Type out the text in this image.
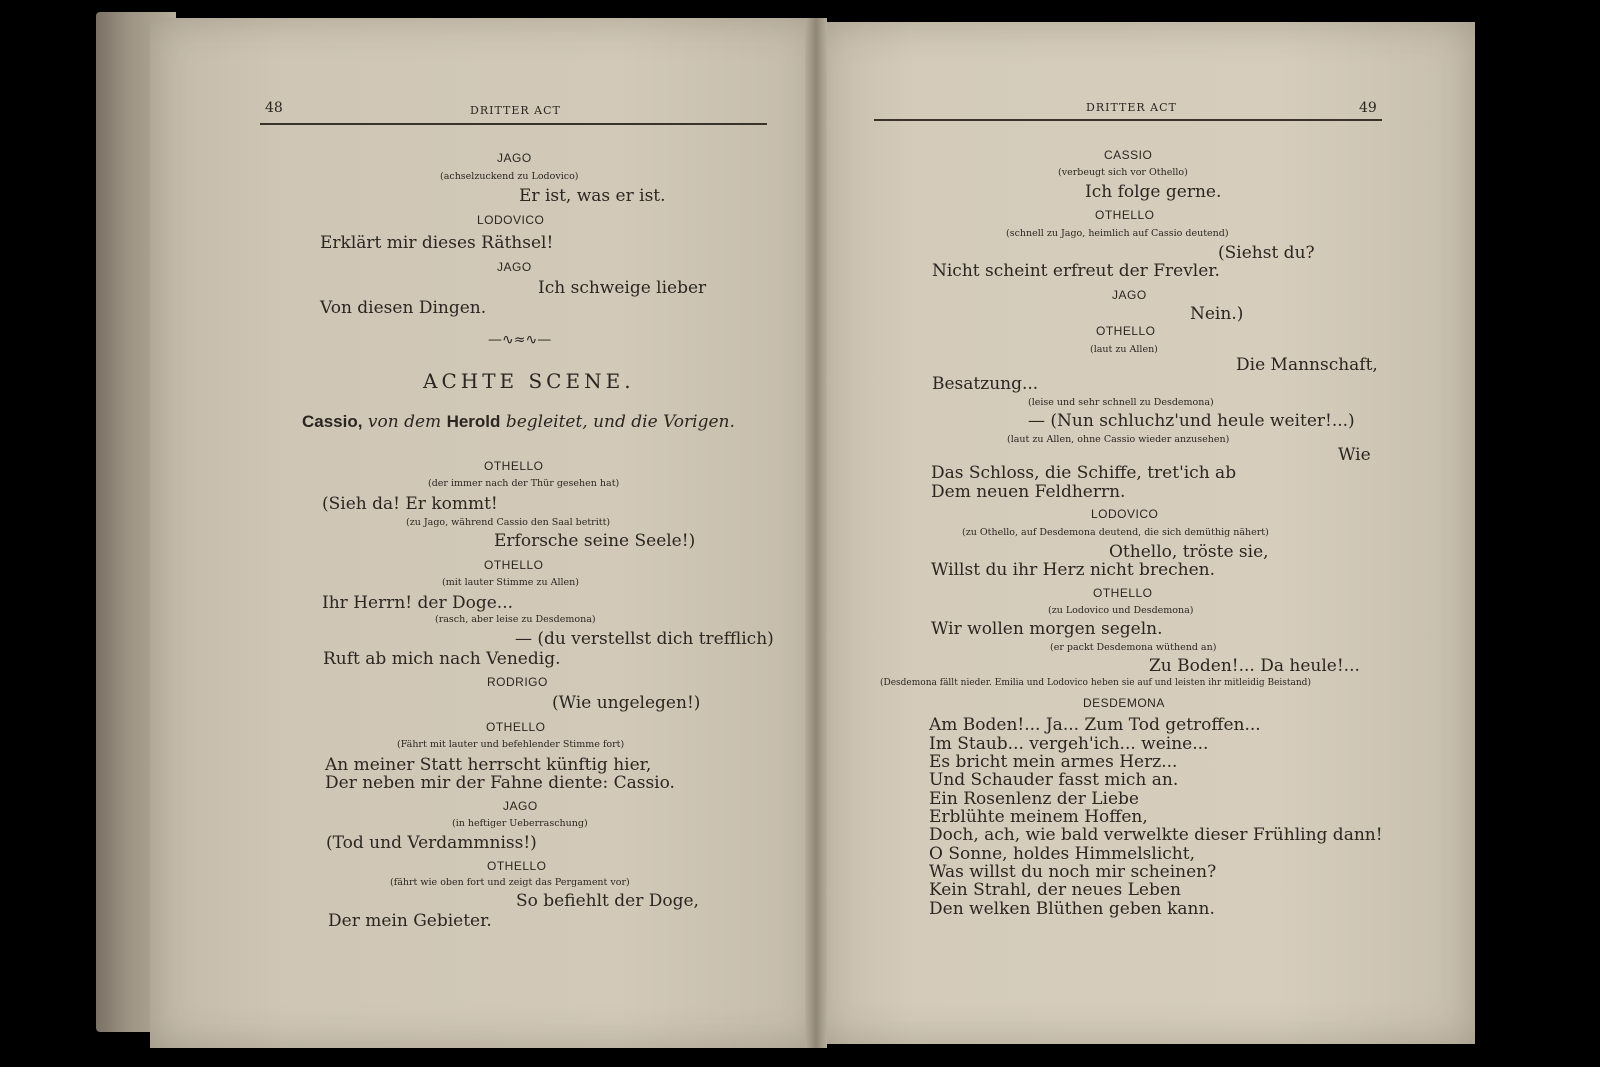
48	DRITTER ACT	DRITTER ACT	49
JAGO
(achselzuckend zu Lodovico)
Er ist, was er ist.
LODOVICO
Erklärt mir dieses Räthsel!
JAGO
Ich schweige lieber
Von diesen Dingen.
—∿≈∿—
ACHTE SCENE.
Cassio, von dem Herold begleitet, und die Vorigen.
OTHELLO
(der immer nach der Thür gesehen hat)
(Sieh da! Er kommt!
(zu Jago, während Cassio den Saal betritt)
Erforsche seine Seele!)
OTHELLO
(mit lauter Stimme zu Allen)
Ihr Herrn! der Doge...
(rasch, aber leise zu Desdemona)
— (du verstellst dich trefflich)
Ruft ab mich nach Venedig.
RODRIGO
(Wie ungelegen!)
OTHELLO
(Fährt mit lauter und befehlender Stimme fort)
An meiner Statt herrscht künftig hier,
Der neben mir der Fahne diente: Cassio.
JAGO
(in heftiger Ueberraschung)
(Tod und Verdammniss!)
OTHELLO
(fährt wie oben fort und zeigt das Pergament vor)
So befiehlt der Doge,
Der mein Gebieter.
CASSIO
(verbeugt sich vor Othello)
Ich folge gerne.
OTHELLO
(schnell zu Jago, heimlich auf Cassio deutend)
(Siehst du?
Nicht scheint erfreut der Frevler.
JAGO
Nein.)
OTHELLO
(laut zu Allen)
Die Mannschaft,
Besatzung...
(leise und sehr schnell zu Desdemona)
— (Nun schluchz'und heule weiter!...)
(laut zu Allen, ohne Cassio wieder anzusehen)
Wie
Das Schloss, die Schiffe, tret'ich ab
Dem neuen Feldherrn.
LODOVICO
(zu Othello, auf Desdemona deutend, die sich demüthig nähert)
Othello, tröste sie,
Willst du ihr Herz nicht brechen.
OTHELLO
(zu Lodovico und Desdemona)
Wir wollen morgen segeln.
(er packt Desdemona wüthend an)
Zu Boden!... Da heule!...
(Desdemona fällt nieder. Emilia und Lodovico heben sie auf und leisten ihr mitleidig Beistand)
DESDEMONA
Am Boden!... Ja... Zum Tod getroffen...
Im Staub... vergeh'ich... weine...
Es bricht mein armes Herz...
Und Schauder fasst mich an.
Ein Rosenlenz der Liebe
Erblühte meinem Hoffen,
Doch, ach, wie bald verwelkte dieser Frühling dann!
O Sonne, holdes Himmelslicht,
Was willst du noch mir scheinen?
Kein Strahl, der neues Leben
Den welken Blüthen geben kann.
